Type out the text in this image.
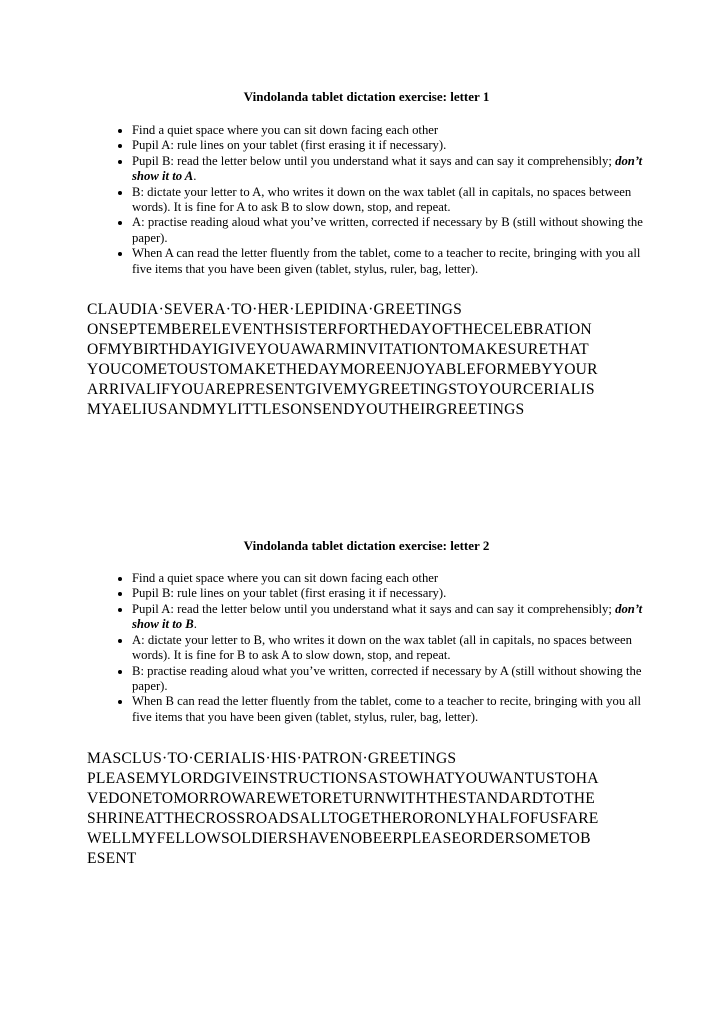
Vindolanda tablet dictation exercise: letter 1
• Find a quiet space where you can sit down facing each other
• Pupil A: rule lines on your tablet (first erasing it if necessary).
• Pupil B: read the letter below until you understand what it says and can say it comprehensibly; don’t show it to A.
• B: dictate your letter to A, who writes it down on the wax tablet (all in capitals, no spaces between words). It is fine for A to ask B to slow down, stop, and repeat.
• A: practise reading aloud what you’ve written, corrected if necessary by B (still without showing the paper).
• When A can read the letter fluently from the tablet, come to a teacher to recite, bringing with you all five items that you have been given (tablet, stylus, ruler, bag, letter).
CLAUDIA·SEVERA·TO·HER·LEPIDINA·GREETINGS
ONSEPTEMBERELEVENTHSISTERFORTHEDAYOFTHECELEBRATION
OFMYBIRTHDAYIGIVEYOUAWARMINVITATIONTOMAKESURETHAT
YOUCOMETOUSTOMAKETHEDAYMOREENJOYABLEFORMEBYYOUR
ARRIVALIFYOUAREPRESENTGIVEMYGREETINGSTOYOURCERIALIS
MYAELIUSANDMYLITTLESONSENDYOUTHEIRGREETINGS
Vindolanda tablet dictation exercise: letter 2
• Find a quiet space where you can sit down facing each other
• Pupil B: rule lines on your tablet (first erasing it if necessary).
• Pupil A: read the letter below until you understand what it says and can say it comprehensibly; don’t show it to B.
• A: dictate your letter to B, who writes it down on the wax tablet (all in capitals, no spaces between words). It is fine for B to ask A to slow down, stop, and repeat.
• B: practise reading aloud what you’ve written, corrected if necessary by A (still without showing the paper).
• When B can read the letter fluently from the tablet, come to a teacher to recite, bringing with you all five items that you have been given (tablet, stylus, ruler, bag, letter).
MASCLUS·TO·CERIALIS·HIS·PATRON·GREETINGS
PLEASEMYLORDGIVEINSTRUCTIONSASTOWHATYOUWANTUSTOHA
VEDONETOMORROWAREWETORETURNWITHTHESTANDARDTOTHE
SHRINEATTHECROSSROADSALLTOGETHERORONLYHALFOFUSFARE
WELLMYFELLOWSOLDIERSHAVENOBEERPLEASEORDERSOMETOB
ESENT
